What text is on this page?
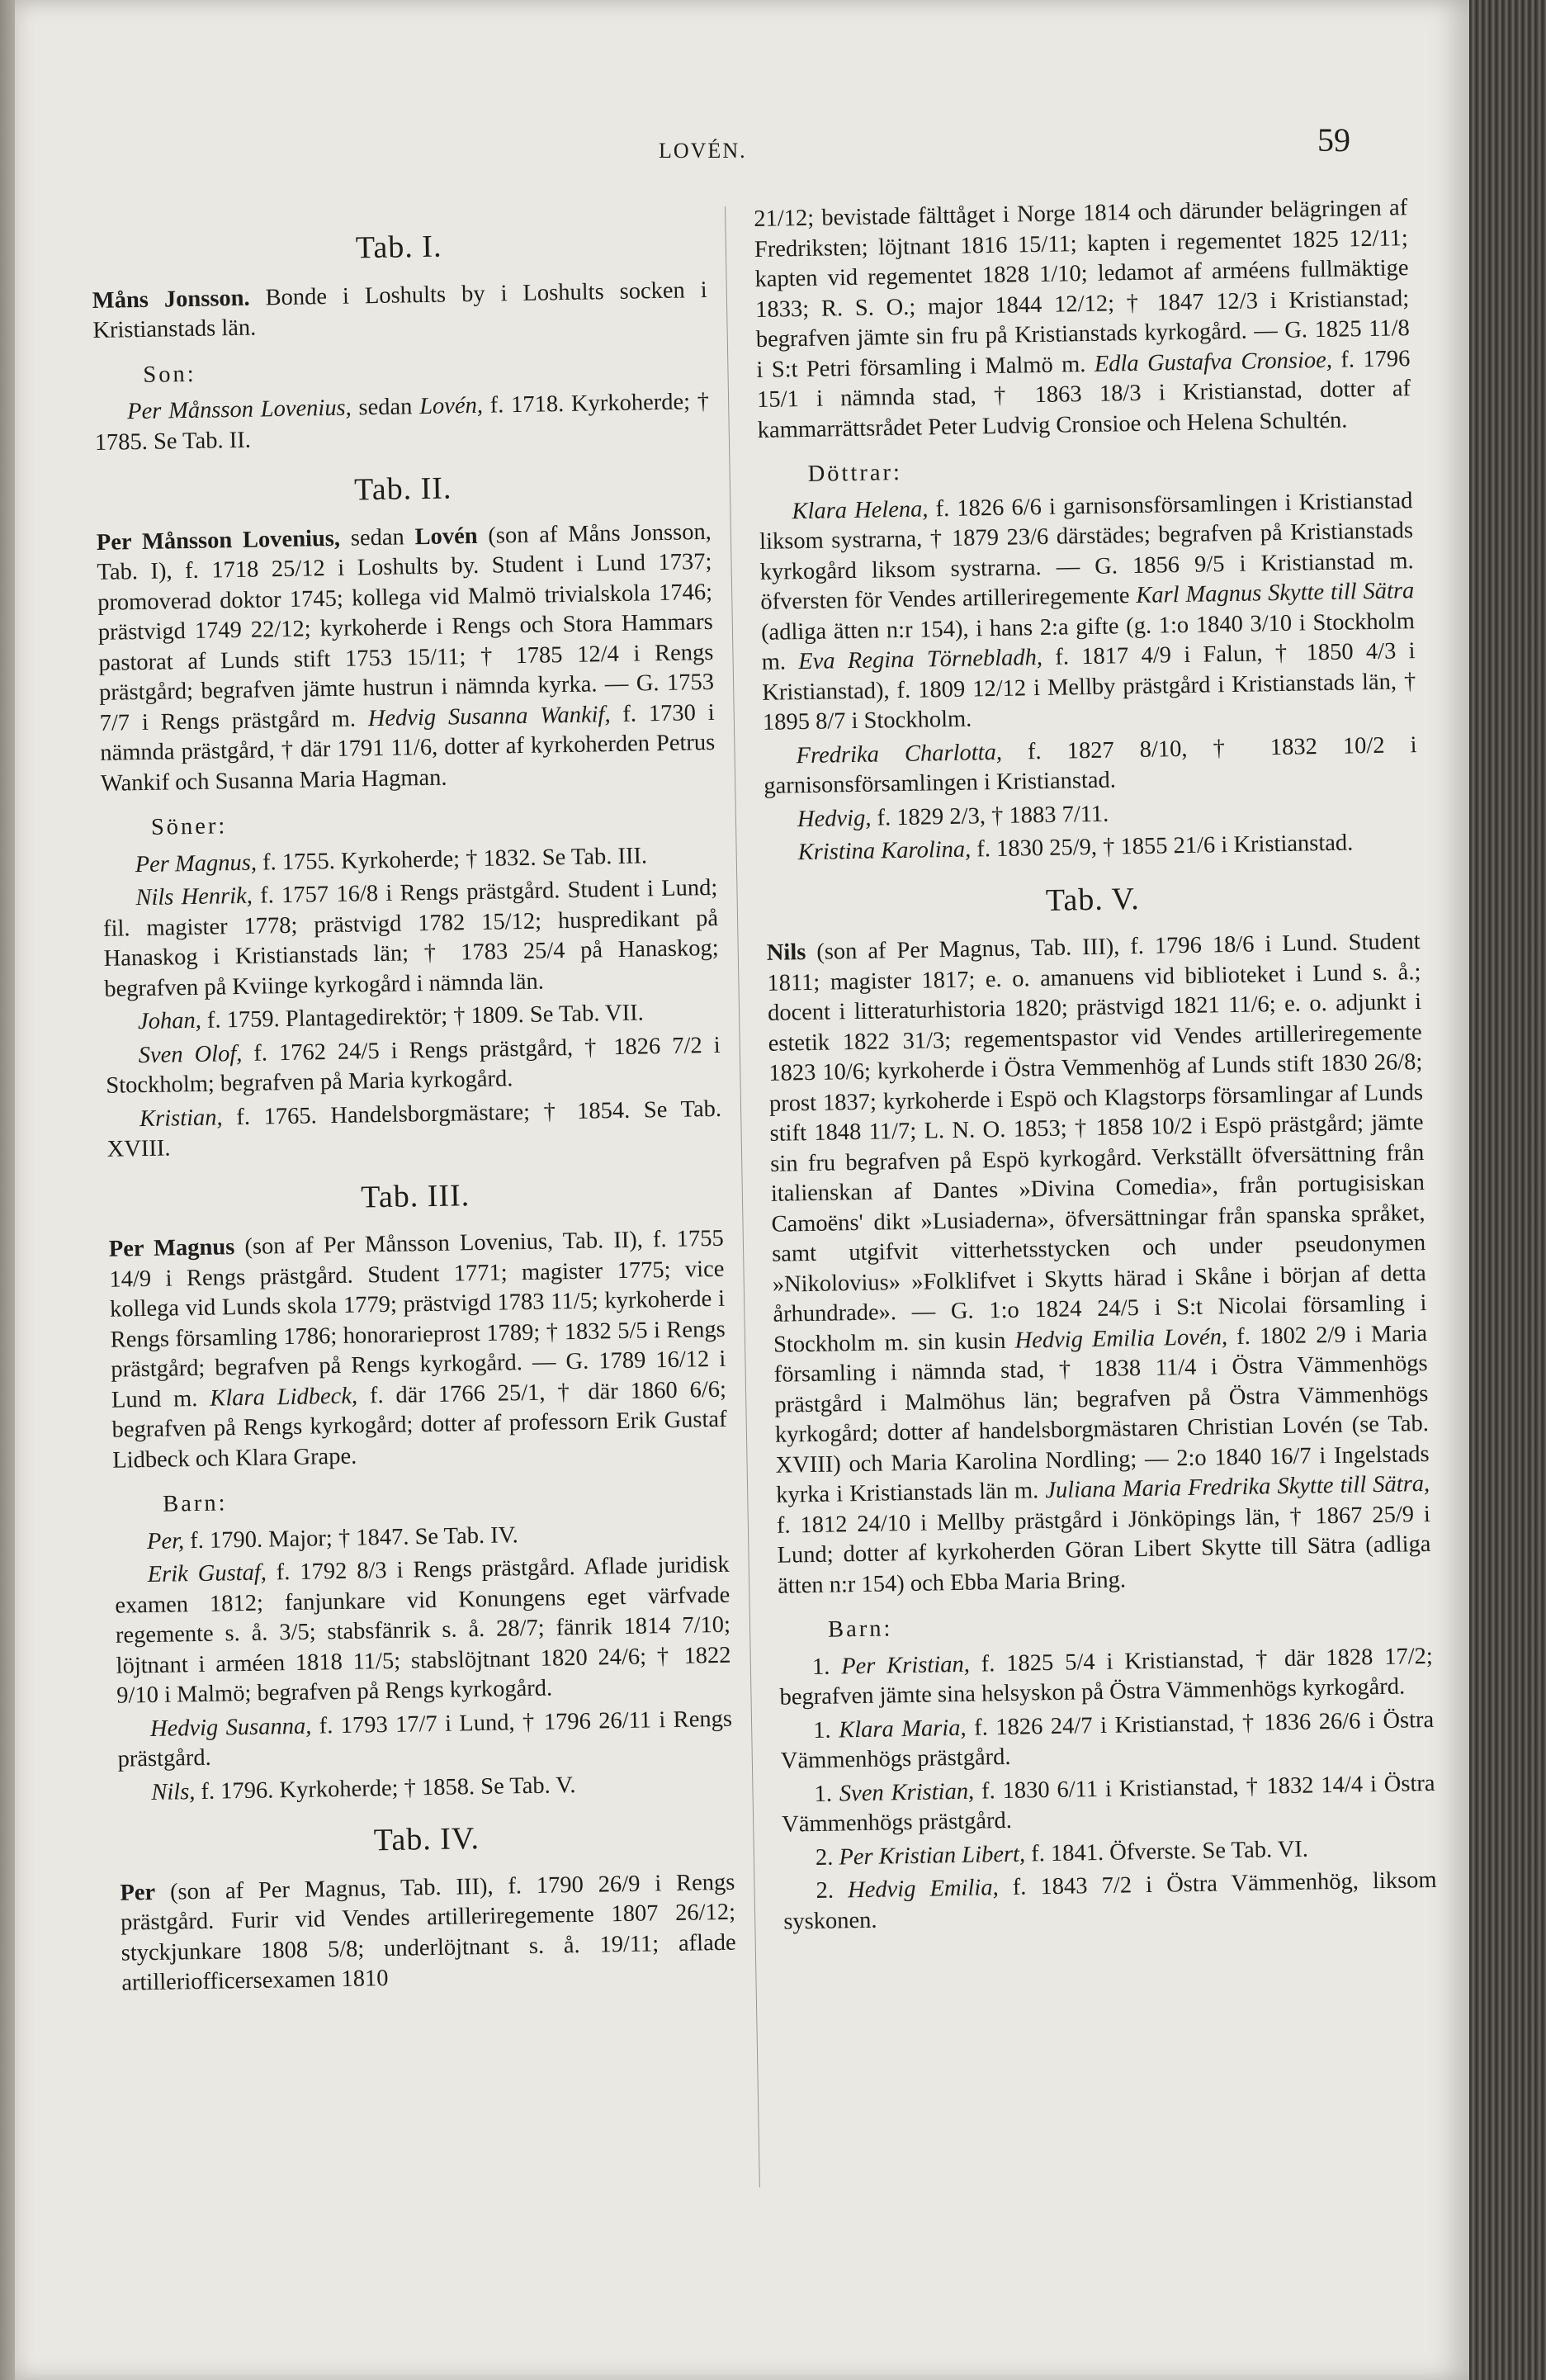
LOVÉN.	59
Tab. I.

Måns Jonsson. Bonde i Loshults by i Loshults socken i Kristianstads län.

Son:

Per Månsson Lovenius, sedan Lovén, f. 1718. Kyrkoherde; † 1785. Se Tab. II.

Tab. II.

Per Månsson Lovenius, sedan Lovén (son af Måns Jonsson, Tab. I), f. 1718 25/12 i Loshults by. Student i Lund 1737; promoverad doktor 1745; kollega vid Malmö trivialskola 1746; prästvigd 1749 22/12; kyrkoherde i Rengs och Stora Hammars pastorat af Lunds stift 1753 15/11; † 1785 12/4 i Rengs prästgård; begrafven jämte hustrun i nämnda kyrka. — G. 1753 7/7 i Rengs prästgård m. Hedvig Susanna Wankif, f. 1730 i nämnda prästgård, † där 1791 11/6, dotter af kyrkoherden Petrus Wankif och Susanna Maria Hagman.

Söner:

Per Magnus, f. 1755. Kyrkoherde; † 1832. Se Tab. III.

Nils Henrik, f. 1757 16/8 i Rengs prästgård. Student i Lund; fil. magister 1778; prästvigd 1782 15/12; huspredikant på Hanaskog i Kristianstads län; † 1783 25/4 på Hanaskog; begrafven på Kviinge kyrkogård i nämnda län.

Johan, f. 1759. Plantagedirektör; † 1809. Se Tab. VII.

Sven Olof, f. 1762 24/5 i Rengs prästgård, † 1826 7/2 i Stockholm; begrafven på Maria kyrkogård.

Kristian, f. 1765. Handelsborgmästare; † 1854. Se Tab. XVIII.

Tab. III.

Per Magnus (son af Per Månsson Lovenius, Tab. II), f. 1755 14/9 i Rengs prästgård. Student 1771; magister 1775; vice kollega vid Lunds skola 1779; prästvigd 1783 11/5; kyrkoherde i Rengs församling 1786; honorarieprost 1789; † 1832 5/5 i Rengs prästgård; begrafven på Rengs kyrkogård. — G. 1789 16/12 i Lund m. Klara Lidbeck, f. där 1766 25/1, † där 1860 6/6; begrafven på Rengs kyrkogård; dotter af professorn Erik Gustaf Lidbeck och Klara Grape.

Barn:

Per, f. 1790. Major; † 1847. Se Tab. IV.

Erik Gustaf, f. 1792 8/3 i Rengs prästgård. Aflade juridisk examen 1812; fanjunkare vid Konungens eget värfvade regemente s. å. 3/5; stabsfänrik s. å. 28/7; fänrik 1814 7/10; löjtnant i arméen 1818 11/5; stabslöjtnant 1820 24/6; † 1822 9/10 i Malmö; begrafven på Rengs kyrkogård.

Hedvig Susanna, f. 1793 17/7 i Lund, † 1796 26/11 i Rengs prästgård.

Nils, f. 1796. Kyrkoherde; † 1858. Se Tab. V.

Tab. IV.

Per (son af Per Magnus, Tab. III), f. 1790 26/9 i Rengs prästgård. Furir vid Vendes artilleriregemente 1807 26/12; styckjunkare 1808 5/8; underlöjtnant s. å. 19/11; aflade artilleriofficersexamen 1810

21/12; bevistade fälttåget i Norge 1814 och därunder belägringen af Fredriksten; löjtnant 1816 15/11; kapten i regementet 1825 12/11; kapten vid regementet 1828 1/10; ledamot af arméens fullmäktige 1833; R. S. O.; major 1844 12/12; † 1847 12/3 i Kristianstad; begrafven jämte sin fru på Kristianstads kyrkogård. — G. 1825 11/8 i S:t Petri församling i Malmö m. Edla Gustafva Cronsioe, f. 1796 15/1 i nämnda stad, † 1863 18/3 i Kristianstad, dotter af kammarrättsrådet Peter Ludvig Cronsioe och Helena Schultén.

Döttrar:

Klara Helena, f. 1826 6/6 i garnisonsförsamlingen i Kristianstad liksom systrarna, † 1879 23/6 därstädes; begrafven på Kristianstads kyrkogård liksom systrarna. — G. 1856 9/5 i Kristianstad m. öfversten för Vendes artilleriregemente Karl Magnus Skytte till Sätra (adliga ätten n:r 154), i hans 2:a gifte (g. 1:o 1840 3/10 i Stockholm m. Eva Regina Törnebladh, f. 1817 4/9 i Falun, † 1850 4/3 i Kristianstad), f. 1809 12/12 i Mellby prästgård i Kristianstads län, † 1895 8/7 i Stockholm.

Fredrika Charlotta, f. 1827 8/10, † 1832 10/2 i garnisonsförsamlingen i Kristianstad.

Hedvig, f. 1829 2/3, † 1883 7/11.

Kristina Karolina, f. 1830 25/9, † 1855 21/6 i Kristianstad.

Tab. V.

Nils (son af Per Magnus, Tab. III), f. 1796 18/6 i Lund. Student 1811; magister 1817; e. o. amanuens vid biblioteket i Lund s. å.; docent i litteraturhistoria 1820; prästvigd 1821 11/6; e. o. adjunkt i estetik 1822 31/3; regementspastor vid Vendes artilleriregemente 1823 10/6; kyrkoherde i Östra Vemmenhög af Lunds stift 1830 26/8; prost 1837; kyrkoherde i Espö och Klagstorps församlingar af Lunds stift 1848 11/7; L. N. O. 1853; † 1858 10/2 i Espö prästgård; jämte sin fru begrafven på Espö kyrkogård. Verkställt öfversättning från italienskan af Dantes »Divina Comedia», från portugisiskan Camoëns' dikt »Lusiaderna», öfversättningar från spanska språket, samt utgifvit vitterhetsstycken och under pseudonymen »Nikolovius» »Folklifvet i Skytts härad i Skåne i början af detta århundrade». — G. 1:o 1824 24/5 i S:t Nicolai församling i Stockholm m. sin kusin Hedvig Emilia Lovén, f. 1802 2/9 i Maria församling i nämnda stad, † 1838 11/4 i Östra Vämmenhögs prästgård i Malmöhus län; begrafven på Östra Vämmenhögs kyrkogård; dotter af handelsborgmästaren Christian Lovén (se Tab. XVIII) och Maria Karolina Nordling; — 2:o 1840 16/7 i Ingelstads kyrka i Kristianstads län m. Juliana Maria Fredrika Skytte till Sätra, f. 1812 24/10 i Mellby prästgård i Jönköpings län, † 1867 25/9 i Lund; dotter af kyrkoherden Göran Libert Skytte till Sätra (adliga ätten n:r 154) och Ebba Maria Bring.

Barn:

1. Per Kristian, f. 1825 5/4 i Kristianstad, † där 1828 17/2; begrafven jämte sina helsyskon på Östra Vämmenhögs kyrkogård.

1. Klara Maria, f. 1826 24/7 i Kristianstad, † 1836 26/6 i Östra Vämmenhögs prästgård.

1. Sven Kristian, f. 1830 6/11 i Kristianstad, † 1832 14/4 i Östra Vämmenhögs prästgård.

2. Per Kristian Libert, f. 1841. Öfverste. Se Tab. VI.

2. Hedvig Emilia, f. 1843 7/2 i Östra Vämmenhög, liksom syskonen.
